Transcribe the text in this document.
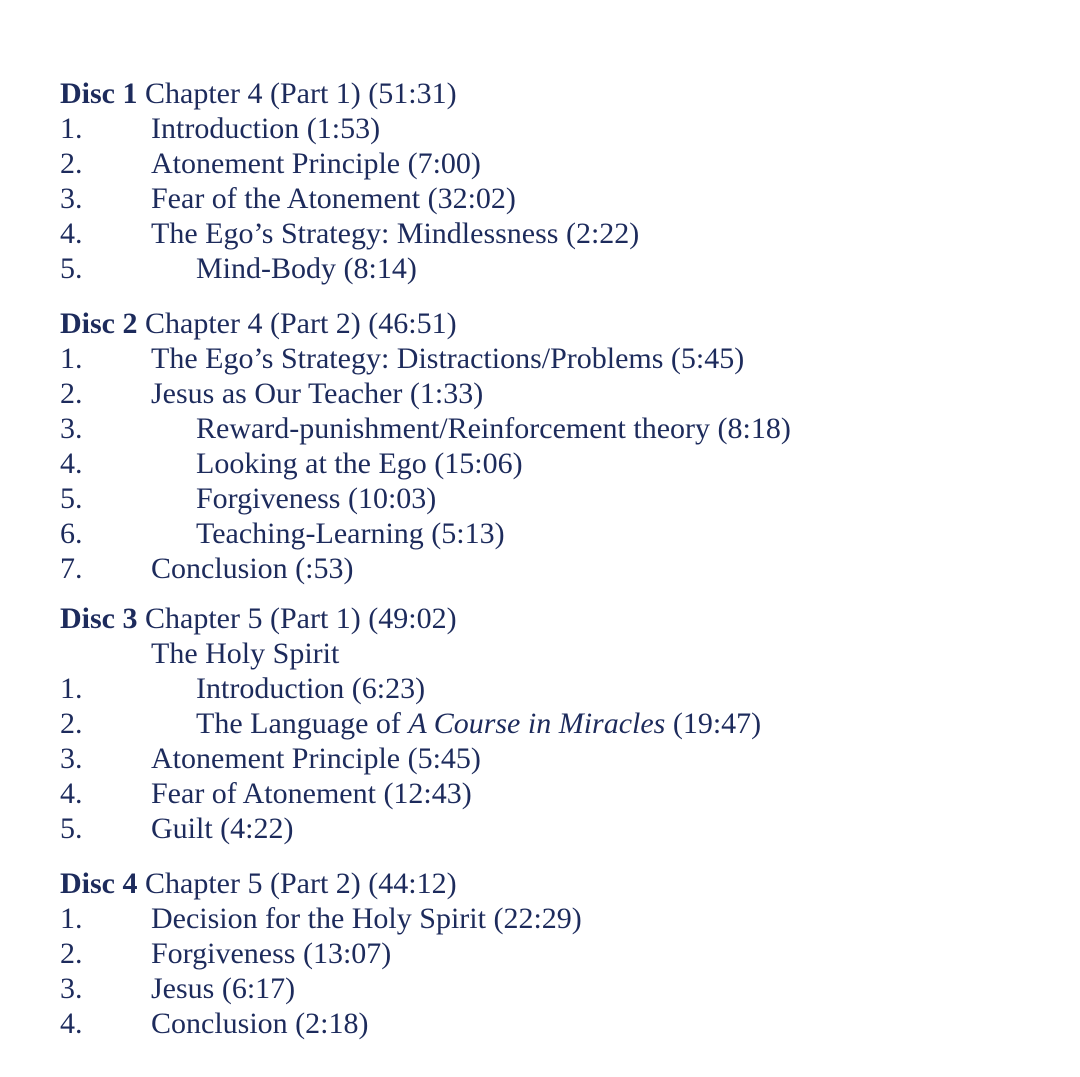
Disc 1 Chapter 4 (Part 1) (51:31)
1. Introduction (1:53)
2. Atonement Principle (7:00)
3. Fear of the Atonement (32:02)
4. The Ego’s Strategy: Mindlessness (2:22)
5.	Mind-Body (8:14)
Disc 2 Chapter 4 (Part 2) (46:51)
1. The Ego’s Strategy: Distractions/Problems (5:45)
2. Jesus as Our Teacher (1:33)
3.	Reward-punishment/Reinforcement theory (8:18)
4.	Looking at the Ego (15:06)
5.	Forgiveness (10:03)
6.	Teaching-Learning (5:13)
7. Conclusion (:53)
Disc 3 Chapter 5 (Part 1) (49:02)
The Holy Spirit
1.	Introduction (6:23)
2.	The Language of A Course in Miracles (19:47)
3. Atonement Principle (5:45)
4. Fear of Atonement (12:43)
5. Guilt (4:22)
Disc 4 Chapter 5 (Part 2) (44:12)
1. Decision for the Holy Spirit (22:29)
2. Forgiveness (13:07)
3. Jesus (6:17)
4. Conclusion (2:18)
